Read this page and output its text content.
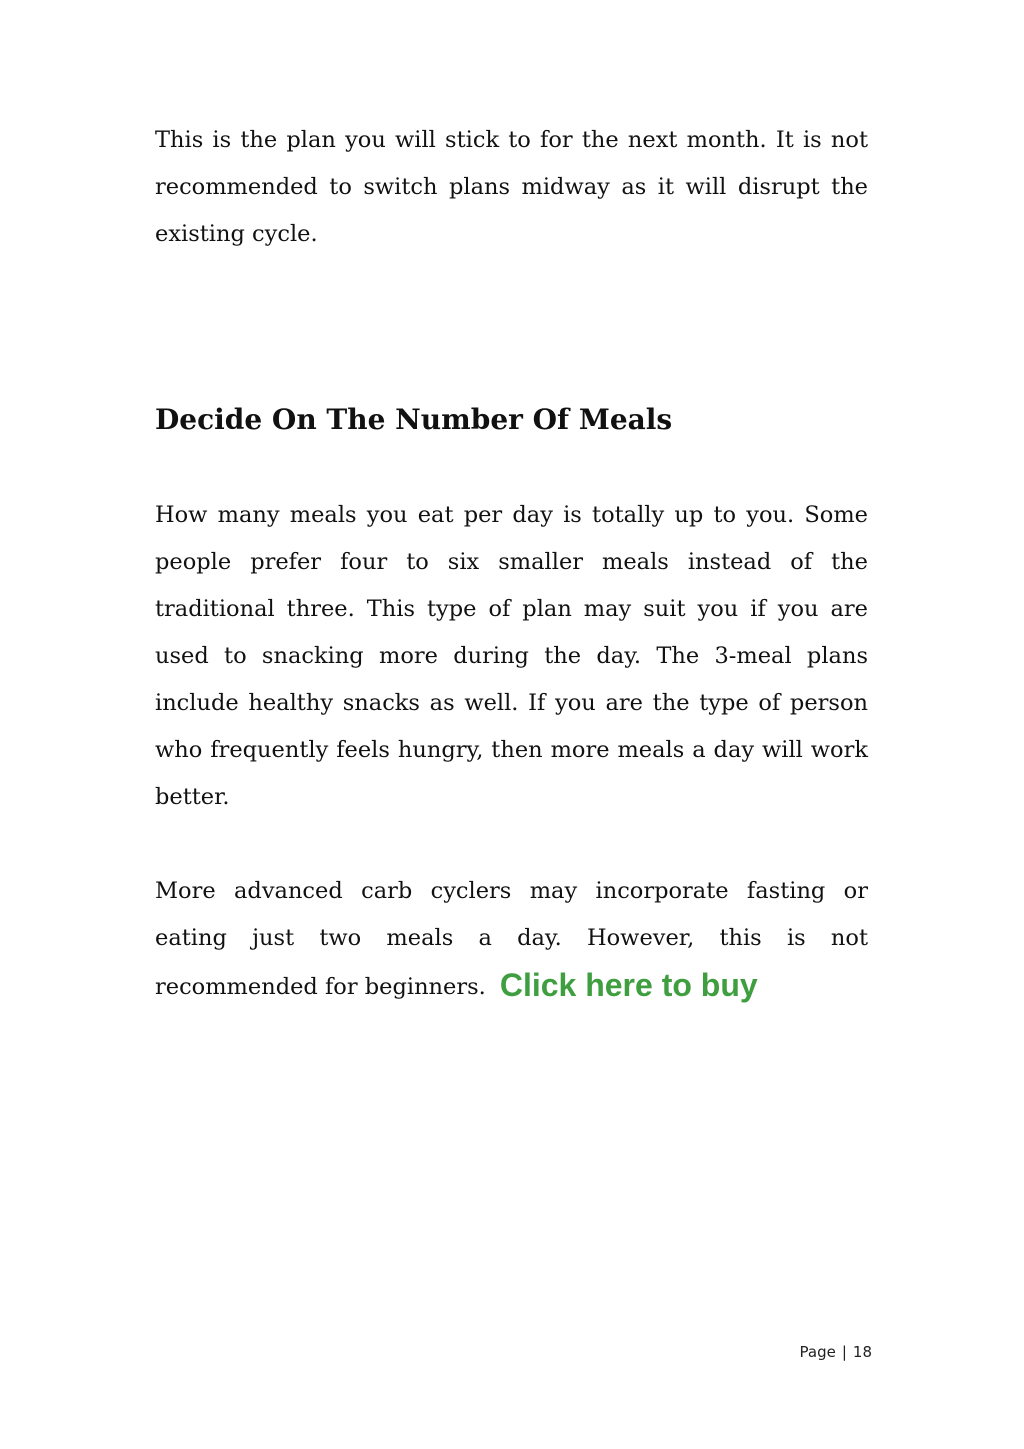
This is the plan you will stick to for the next month. It is not recommended to switch plans midway as it will disrupt the existing cycle.

Decide On The Number Of Meals

How many meals you eat per day is totally up to you. Some people prefer four to six smaller meals instead of the traditional three. This type of plan may suit you if you are used to snacking more during the day. The 3-meal plans include healthy snacks as well. If you are the type of person who frequently feels hungry, then more meals a day will work better.

More advanced carb cyclers may incorporate fasting or eating just two meals a day. However, this is not recommended for beginners. Click here to buy

Page | 18
